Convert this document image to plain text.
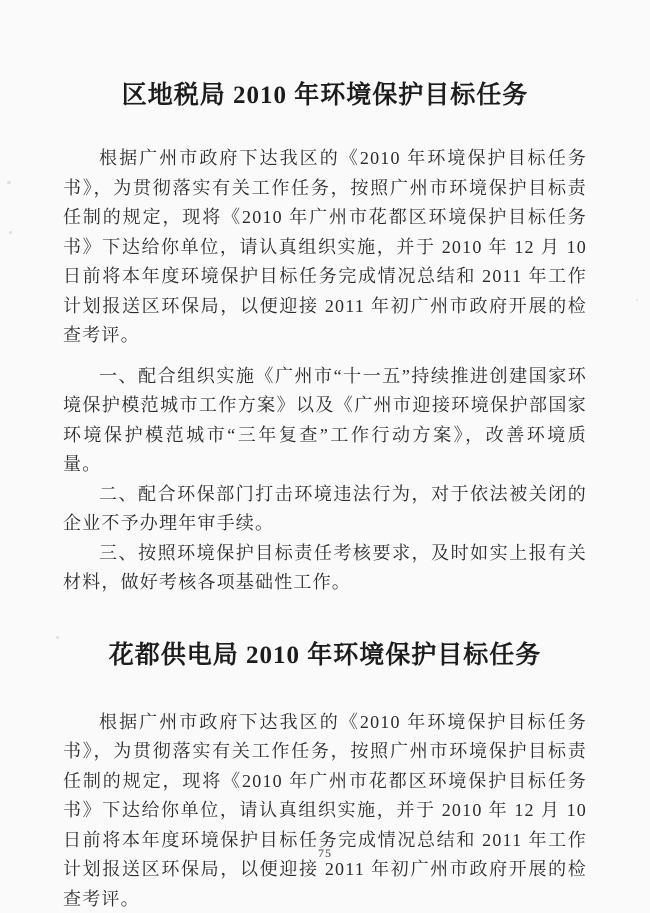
区地税局 2010 年环境保护目标任务

根据广州市政府下达我区的《2010 年环境保护目标任务书》，为贯彻落实有关工作任务，按照广州市环境保护目标责任制的规定，现将《2010 年广州市花都区环境保护目标任务书》下达给你单位，请认真组织实施，并于 2010 年 12 月 10 日前将本年度环境保护目标任务完成情况总结和 2011 年工作计划报送区环保局，以便迎接 2011 年初广州市政府开展的检查考评。

一、配合组织实施《广州市“十一五”持续推进创建国家环境保护模范城市工作方案》以及《广州市迎接环境保护部国家环境保护模范城市“三年复查”工作行动方案》，改善环境质量。

二、配合环保部门打击环境违法行为，对于依法被关闭的企业不予办理年审手续。

三、按照环境保护目标责任考核要求，及时如实上报有关材料，做好考核各项基础性工作。

花都供电局 2010 年环境保护目标任务

根据广州市政府下达我区的《2010 年环境保护目标任务书》，为贯彻落实有关工作任务，按照广州市环境保护目标责任制的规定，现将《2010 年广州市花都区环境保护目标任务书》下达给你单位，请认真组织实施，并于 2010 年 12 月 10 日前将本年度环境保护目标任务完成情况总结和 2011 年工作计划报送区环保局，以便迎接 2011 年初广州市政府开展的检查考评。

75
